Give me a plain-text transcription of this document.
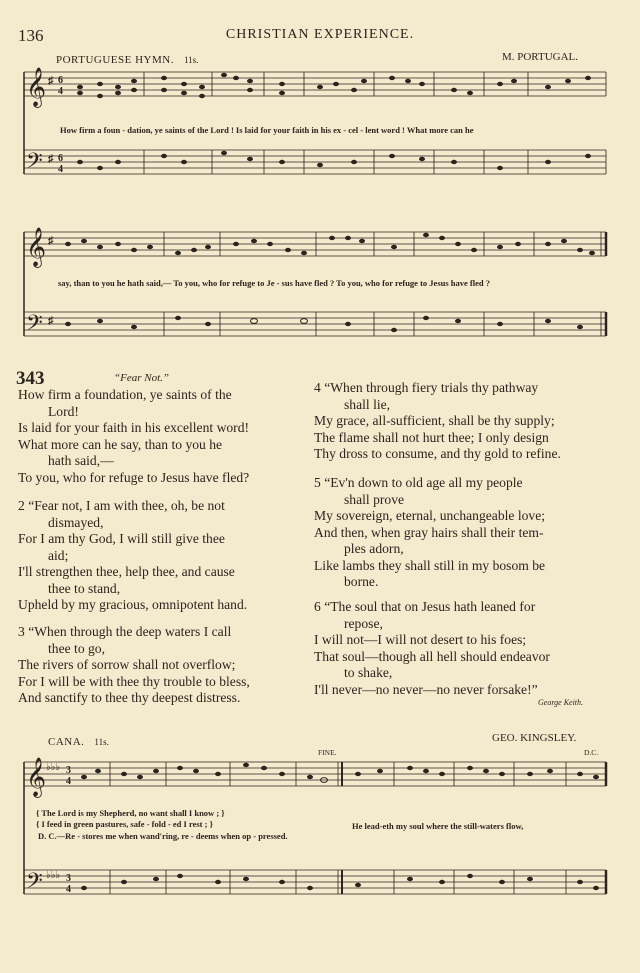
136	CHRISTIAN EXPERIENCE.
PORTUGUESE HYMN. 11s.	M. PORTUGAL.
𝄞
𝄢
♯
♯
6
4
6
4
How firm a foun - dation, ye saints of the Lord ! Is laid for your faith in his ex - cel - lent word ! What more can he
𝄞
𝄢
♯
♯
say, than to you he hath said,— To you, who for refuge to Je - sus have fled ? To you, who for refuge to Jesus have fled ?
343	“Fear Not.”
How firm a foundation, ye saints of the
Lord!
Is laid for your faith in his excellent word!
What more can he say, than to you he
hath said,—
To you, who for refuge to Jesus have fled?
2 “Fear not, I am with thee, oh, be not
dismayed,
For I am thy God, I will still give thee
aid;
I'll strengthen thee, help thee, and cause
thee to stand,
Upheld by my gracious, omnipotent hand.
3 “When through the deep waters I call
thee to go,
The rivers of sorrow shall not overflow;
For I will be with thee thy trouble to bless,
And sanctify to thee thy deepest distress.
4 “When through fiery trials thy pathway
shall lie,
My grace, all-sufficient, shall be thy supply;
The flame shall not hurt thee; I only design
Thy dross to consume, and thy gold to refine.
5 “Ev'n down to old age all my people
shall prove
My sovereign, eternal, unchangeable love;
And then, when gray hairs shall their tem-
ples adorn,
Like lambs they shall still in my bosom be
borne.
6 “The soul that on Jesus hath leaned for
repose,
I will not—I will not desert to his foes;
That soul—though all hell should endeavor
to shake,
I'll never—no never—no never forsake!”
George Keith.
CANA. 11s.	GEO. KINGSLEY.
FINE.	D.C.
𝄞
𝄢
♭♭♭
♭♭♭
3
4
3
4
{ The Lord is my Shepherd, no want shall I know ; }
{ I feed in green pastures, safe - fold - ed I rest ; }	He lead-eth my soul where the still-waters flow,
D. C.—Re - stores me when wand'ring, re - deems when op - pressed.
